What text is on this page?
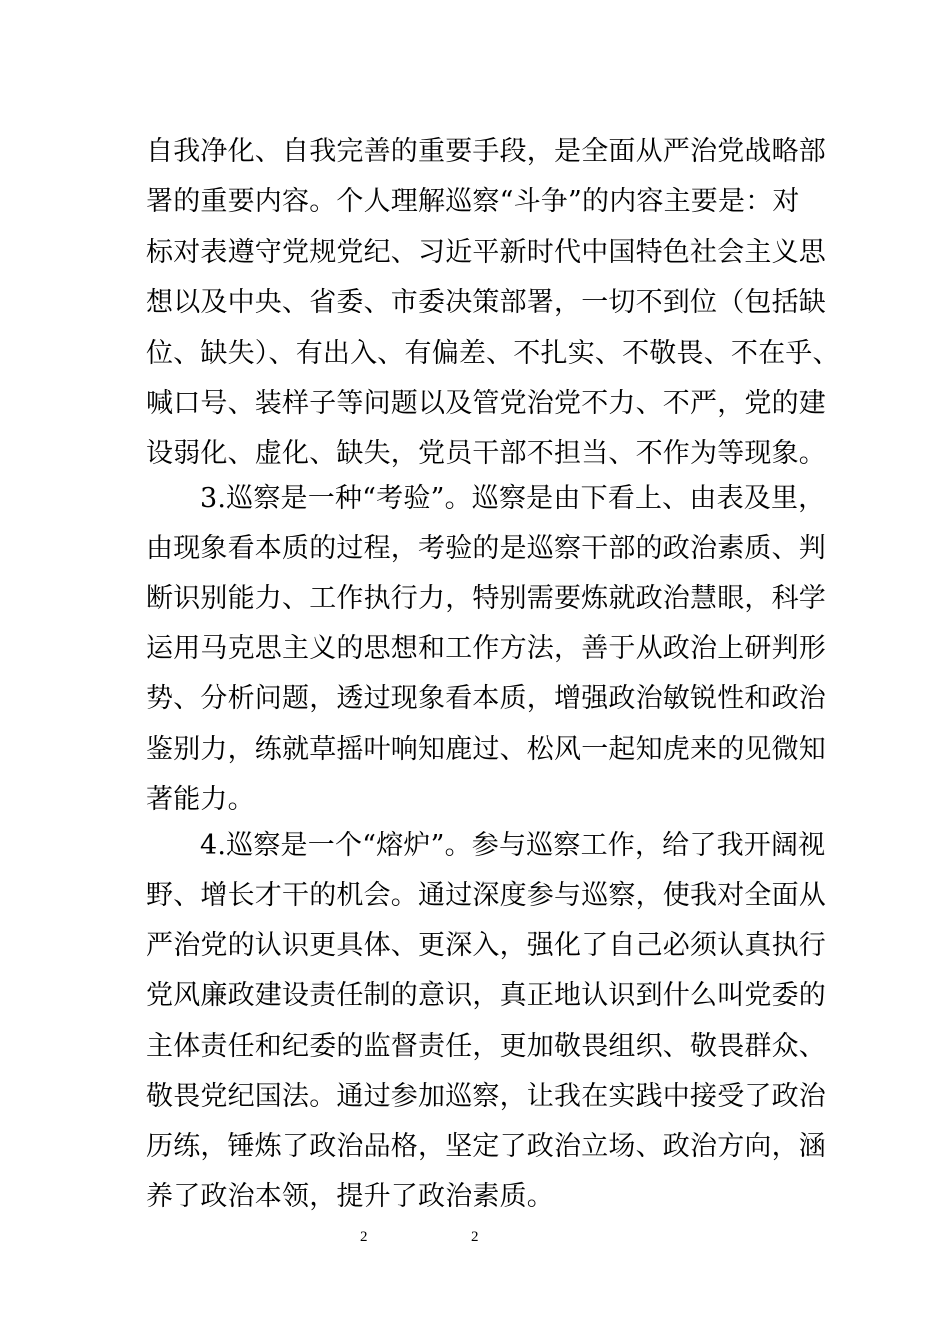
自我净化、自我完善的重要手段，是全面从严治党战略部
署的重要内容。个人理解巡察“斗争”的内容主要是：对
标对表遵守党规党纪、习近平新时代中国特色社会主义思
想以及中央、省委、市委决策部署，一切不到位（包括缺
位、缺失）、有出入、有偏差、不扎实、不敬畏、不在乎、
喊口号、装样子等问题以及管党治党不力、不严，党的建
设弱化、虚化、缺失，党员干部不担当、不作为等现象。
3.巡察是一种“考验”。巡察是由下看上、由表及里，
由现象看本质的过程，考验的是巡察干部的政治素质、判
断识别能力、工作执行力，特别需要炼就政治慧眼，科学
运用马克思主义的思想和工作方法，善于从政治上研判形
势、分析问题，透过现象看本质，增强政治敏锐性和政治
鉴别力，练就草摇叶响知鹿过、松风一起知虎来的见微知
著能力。
4.巡察是一个“熔炉”。参与巡察工作，给了我开阔视
野、增长才干的机会。通过深度参与巡察，使我对全面从
严治党的认识更具体、更深入，强化了自己必须认真执行
党风廉政建设责任制的意识，真正地认识到什么叫党委的
主体责任和纪委的监督责任，更加敬畏组织、敬畏群众、
敬畏党纪国法。通过参加巡察，让我在实践中接受了政治
历练，锤炼了政治品格，坚定了政治立场、政治方向，涵
养了政治本领，提升了政治素质。
2	2
